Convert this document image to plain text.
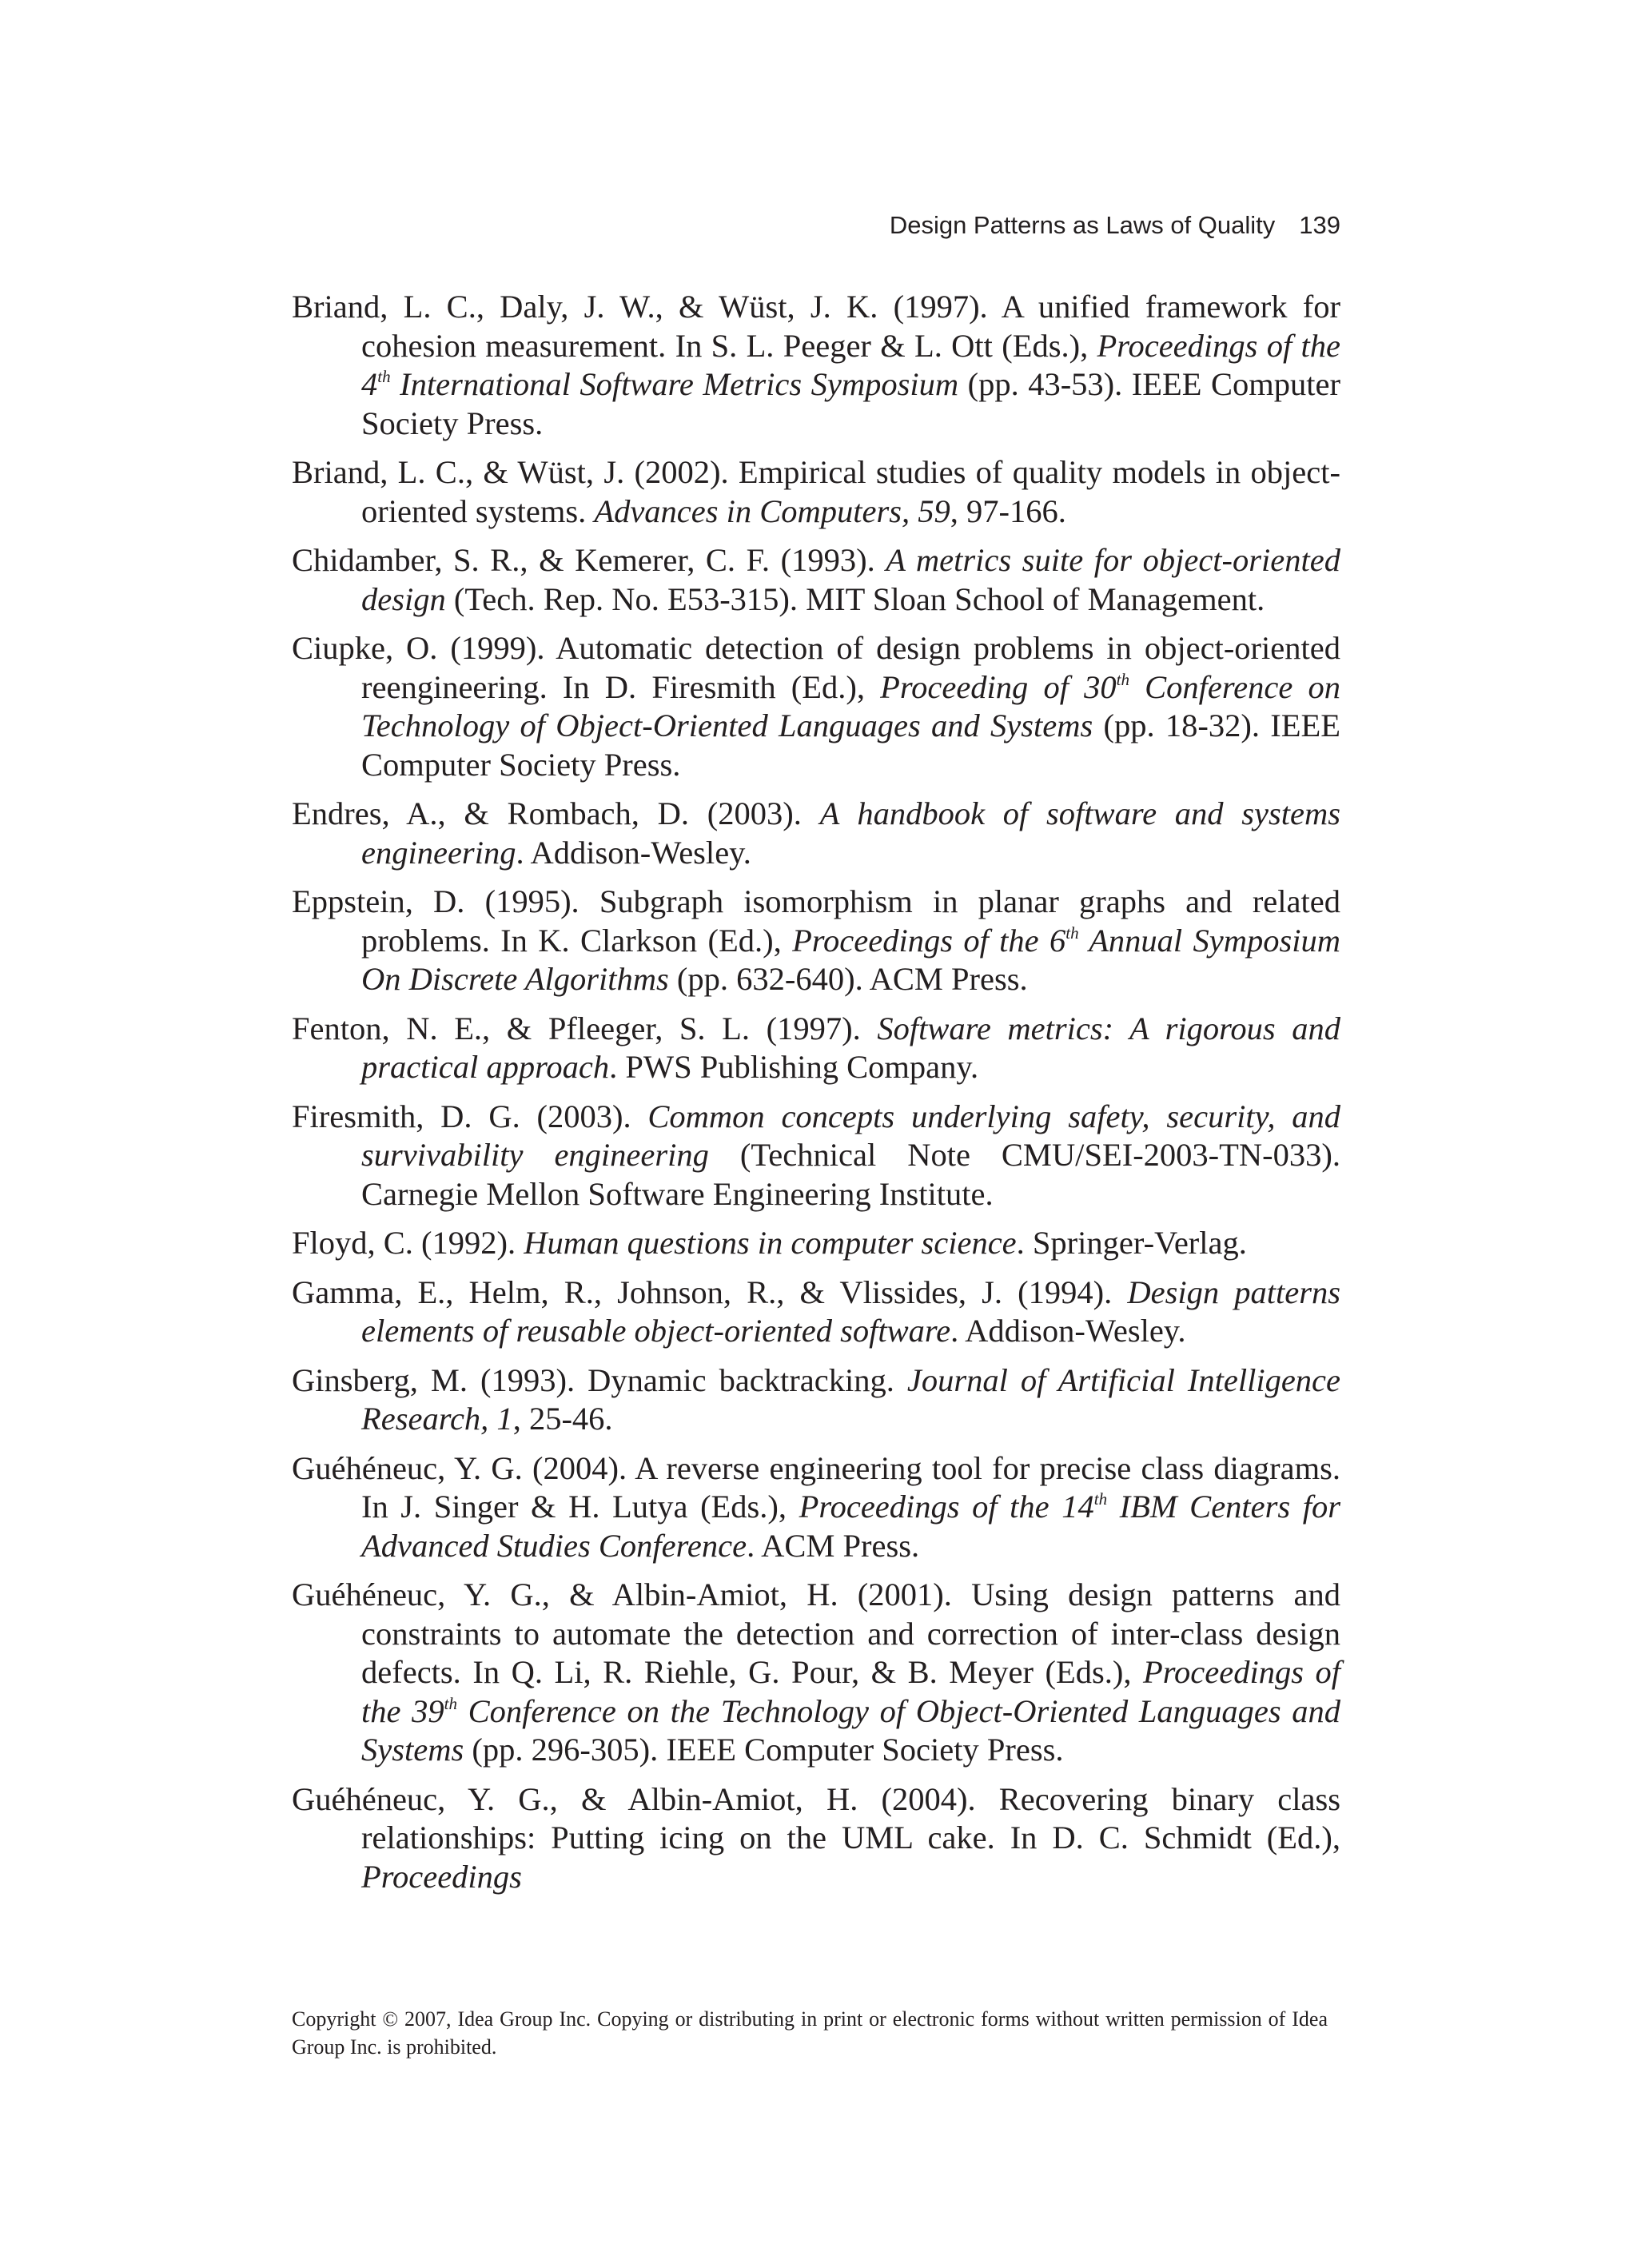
Design Patterns as Laws of Quality 139

Briand, L. C., Daly, J. W., & Wüst, J. K. (1997). A unified framework for cohesion measurement. In S. L. Peeger & L. Ott (Eds.), Proceedings of the 4th International Software Metrics Symposium (pp. 43-53). IEEE Computer Society Press.

Briand, L. C., & Wüst, J. (2002). Empirical studies of quality models in object-oriented systems. Advances in Computers, 59, 97-166.

Chidamber, S. R., & Kemerer, C. F. (1993). A metrics suite for object-oriented design (Tech. Rep. No. E53-315). MIT Sloan School of Management.

Ciupke, O. (1999). Automatic detection of design problems in object-oriented reengineering. In D. Firesmith (Ed.), Proceeding of 30th Conference on Technology of Object-Oriented Languages and Systems (pp. 18-32). IEEE Computer Society Press.

Endres, A., & Rombach, D. (2003). A handbook of software and systems engineering. Addison-Wesley.

Eppstein, D. (1995). Subgraph isomorphism in planar graphs and related problems. In K. Clarkson (Ed.), Proceedings of the 6th Annual Symposium On Discrete Algorithms (pp. 632-640). ACM Press.

Fenton, N. E., & Pfleeger, S. L. (1997). Software metrics: A rigorous and practical approach. PWS Publishing Company.

Firesmith, D. G. (2003). Common concepts underlying safety, security, and survivability engineering (Technical Note CMU/SEI-2003-TN-033). Carnegie Mellon Software Engineering Institute.

Floyd, C. (1992). Human questions in computer science. Springer-Verlag.

Gamma, E., Helm, R., Johnson, R., & Vlissides, J. (1994). Design patterns elements of reusable object-oriented software. Addison-Wesley.

Ginsberg, M. (1993). Dynamic backtracking. Journal of Artificial Intelligence Research, 1, 25-46.

Guéhéneuc, Y. G. (2004). A reverse engineering tool for precise class diagrams. In J. Singer & H. Lutya (Eds.), Proceedings of the 14th IBM Centers for Advanced Studies Conference. ACM Press.

Guéhéneuc, Y. G., & Albin-Amiot, H. (2001). Using design patterns and constraints to automate the detection and correction of inter-class design defects. In Q. Li, R. Riehle, G. Pour, & B. Meyer (Eds.), Proceedings of the 39th Conference on the Technology of Object-Oriented Languages and Systems (pp. 296-305). IEEE Computer Society Press.

Guéhéneuc, Y. G., & Albin-Amiot, H. (2004). Recovering binary class relationships: Putting icing on the UML cake. In D. C. Schmidt (Ed.), Proceedings

Copyright © 2007, Idea Group Inc. Copying or distributing in print or electronic forms without written permission of Idea Group Inc. is prohibited.
